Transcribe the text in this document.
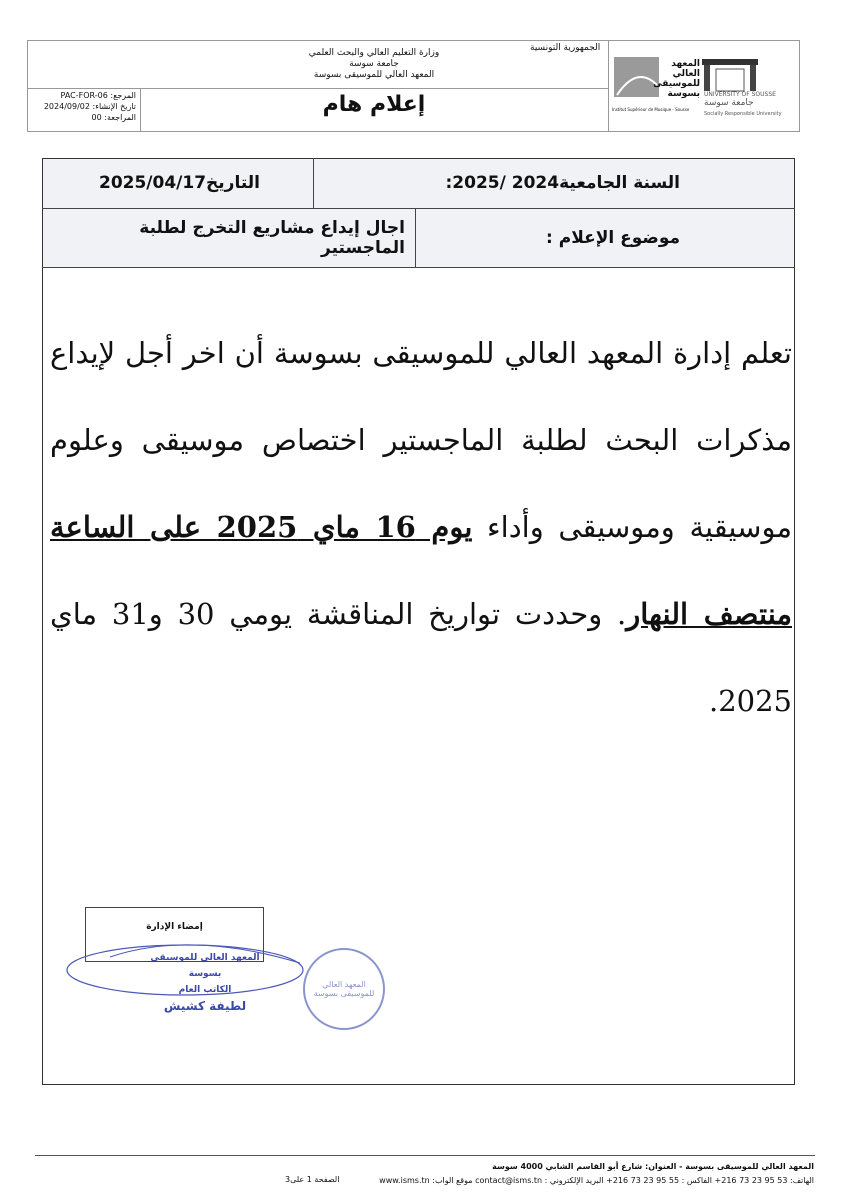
الجمهورية التونسية
وزارة التعليم العالي والبحث العلمي
جامعة سوسة
المعهد العالي للموسيقى بسوسة
إعلام هام
المرجع: PAC-FOR-06
تاريخ الإنشاء: 2024/09/02
المراجعة: 00
المعهد العالي للموسيقى بسوسة
Institut Supérieur de Musique - Sousse
UNIVERSITY OF SOUSSE
جامعة سوسة
Socially Responsible University
السنة الجامعية2024 /2025:
التاريخ2025/04/17
موضوع الإعلام :
اجال إيداع مشاريع التخرج لطلبة الماجستير
تعلم إدارة المعهد العالي للموسيقى بسوسة أن اخر أجل لإيداع مذكرات البحث لطلبة الماجستير اختصاص موسيقى وعلوم موسيقية وموسيقى وأداء يوم 16 ماي 2025 على الساعة منتصف النهار. وحددت تواريخ المناقشة يومي 30 و31 ماي 2025.
إمضاء الإدارة
المعهد العالي للموسيقى بسوسة
الكاتب العام
لطيفة كشيش
المعهد العالي للموسيقى بسوسة
المعهد العالي للموسيقى بسوسة - العنوان: شارع أبو القاسم الشابي 4000 سوسة
الهاتف: 53 95 23 73 216+ الفاكس : 55 95 23 73 216+ البريد الإلكتروني : contact@isms.tn موقع الواب: www.isms.tn
الصفحة 1 على3
